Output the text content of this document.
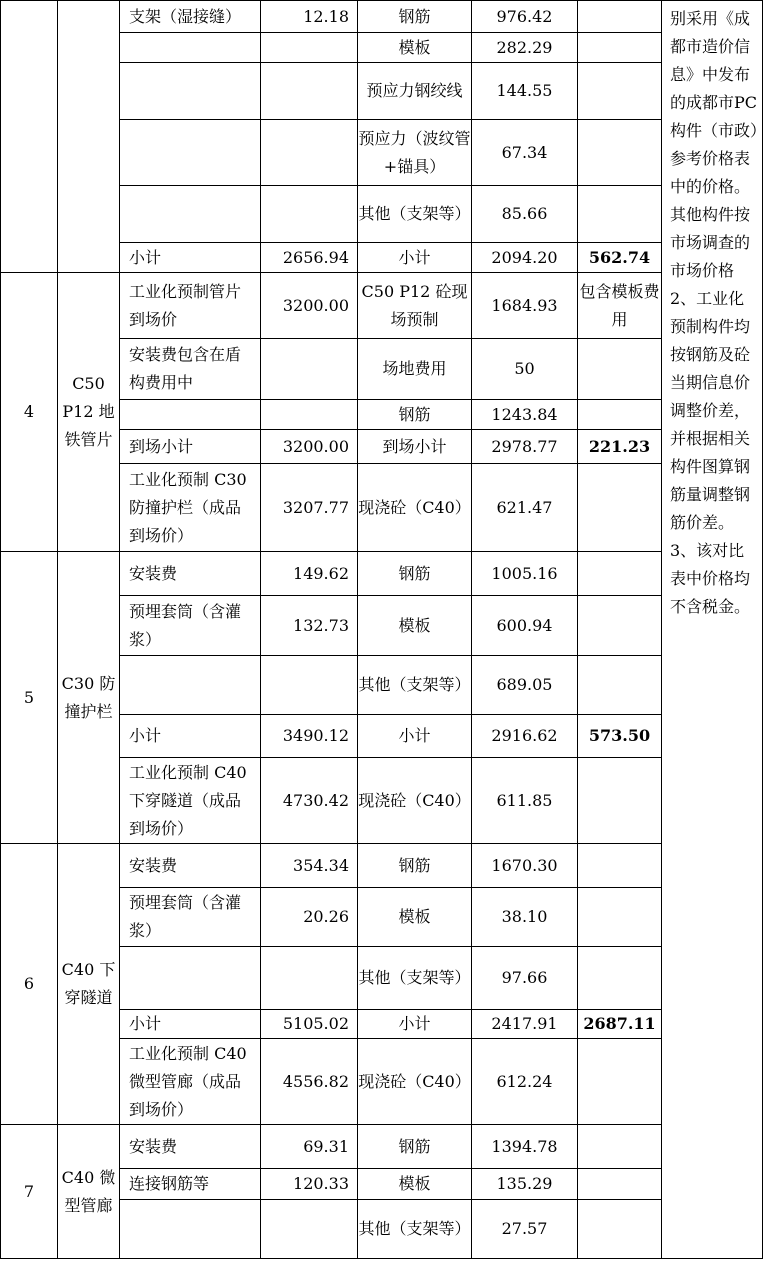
		支架（湿接缝）	12.18	钢筋	976.42		别采用《成都市造价信息》中发布的成都市PC构件（市政）参考价格表中的价格。其他构件按市场调查的市场价格 2、工业化预制构件均按钢筋及砼当期信息价调整价差，并根据相关构件图算钢筋量调整钢筋价差。3、该对比表中价格均不含税金。
				模板	282.29		
				预应力钢绞线	144.55		
				预应力（波纹管+锚具）	67.34		
				其他（支架等）	85.66		
		小计	2656.94	小计	2094.20	562.74	
4	C50 P12 地铁管片	工业化预制管片到场价	3200.00	C50 P12 砼现场预制	1684.93	包含模板费用	
		安装费包含在盾构费用中		场地费用	50		
				钢筋	1243.84		
		到场小计	3200.00	到场小计	2978.77	221.23	
		工业化预制 C30 防撞护栏（成品到场价）	3207.77	现浇砼（C40）	621.47		
5	C30 防撞护栏	安装费	149.62	钢筋	1005.16		
		预埋套筒（含灌浆）	132.73	模板	600.94		
				其他（支架等）	689.05		
		小计	3490.12	小计	2916.62	573.50	
		工业化预制 C40 下穿隧道（成品到场价）	4730.42	现浇砼（C40）	611.85		
6	C40 下穿隧道	安装费	354.34	钢筋	1670.30		
		预埋套筒（含灌浆）	20.26	模板	38.10		
				其他（支架等）	97.66		
		小计	5105.02	小计	2417.91	2687.11	
		工业化预制 C40 微型管廊（成品到场价）	4556.82	现浇砼（C40）	612.24		
7	C40 微型管廊	安装费	69.31	钢筋	1394.78		
		连接钢筋等	120.33	模板	135.29		
				其他（支架等）	27.57		
